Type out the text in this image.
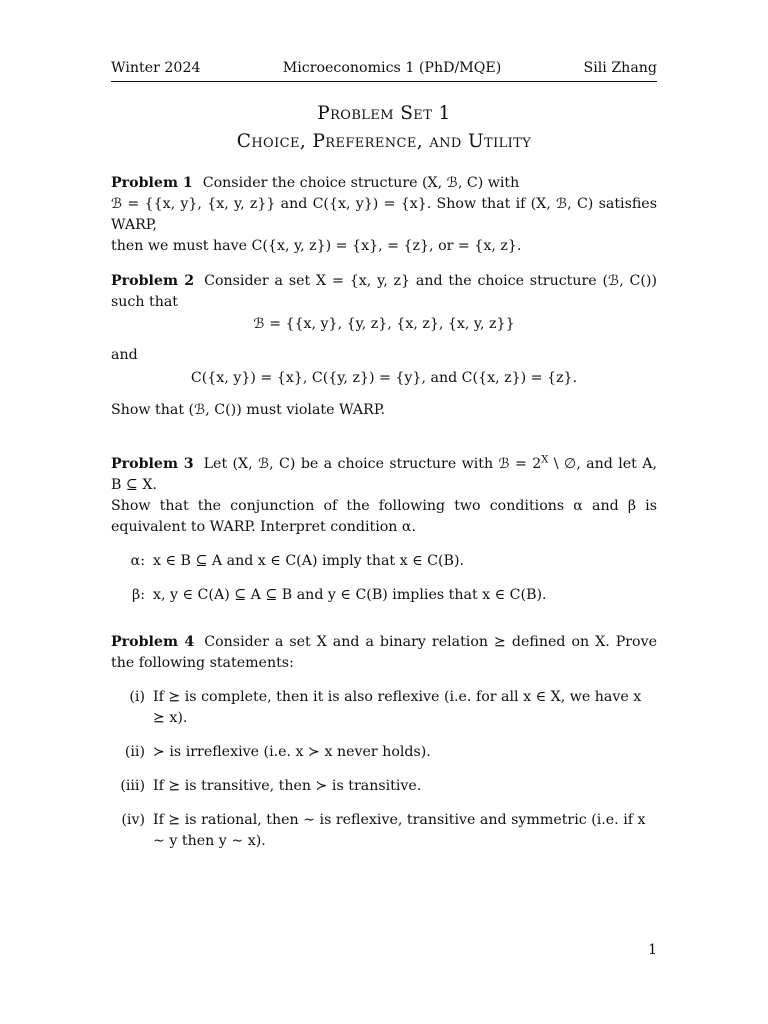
Winter 2024	Microeconomics 1 (PhD/MQE)	Sili Zhang
Problem Set 1
Choice, Preference, and Utility

Problem 1 Consider the choice structure (X, ℬ, C) with

ℬ = {{x, y}, {x, y, z}} and C({x, y}) = {x}. Show that if (X, ℬ, C) satisfies WARP,

then we must have C({x, y, z}) = {x}, = {z}, or = {x, z}.

Problem 2 Consider a set X = {x, y, z} and the choice structure (ℬ, C()) such that

ℬ = {{x, y}, {y, z}, {x, z}, {x, y, z}}

and

C({x, y}) = {x}, C({y, z}) = {y}, and C({x, z}) = {z}.

Show that (ℬ, C()) must violate WARP.

Problem 3 Let (X, ℬ, C) be a choice structure with ℬ = $2^X$ \ ∅, and let A, B ⊆ X.

Show that the conjunction of the following two conditions α and β is equivalent to WARP. Interpret condition α.

α: x ∈ B ⊆ A and x ∈ C(A) imply that x ∈ C(B).
β: x, y ∈ C(A) ⊆ A ⊆ B and y ∈ C(B) implies that x ∈ C(B).

Problem 4 Consider a set X and a binary relation ⪰ defined on X. Prove the following statements:

(i) If ⪰ is complete, then it is also reflexive (i.e. for all x ∈ X, we have x ⪰ x).
(ii) ≻ is irreflexive (i.e. x ≻ x never holds).
(iii) If ⪰ is transitive, then ≻ is transitive.
(iv) If ⪰ is rational, then ∼ is reflexive, transitive and symmetric (i.e. if x ∼ y then y ∼ x).
1
